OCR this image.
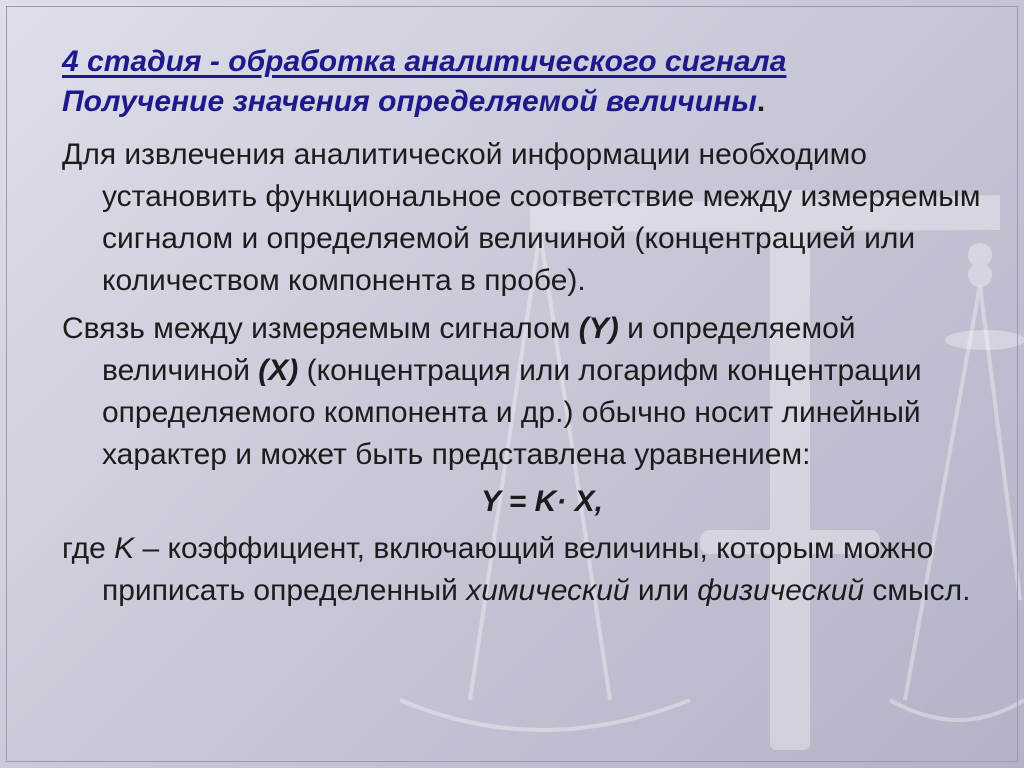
4 стадия - обработка аналитического сигнала

Получение значения определяемой величины.

Для извлечения аналитической информации необходимо установить функциональное соответствие между измеряемым сигналом и определяемой величиной (концентрацией или количеством компонента в пробе).

Связь между измеряемым сигналом (Y) и определяемой величиной (X) (концентрация или логарифм концентрации определяемого компонента и др.) обычно носит линейный характер и может быть представлена уравнением:

Y = K· X,

где K – коэффициент, включающий величины, которым можно приписать определенный химический или физический смысл.
